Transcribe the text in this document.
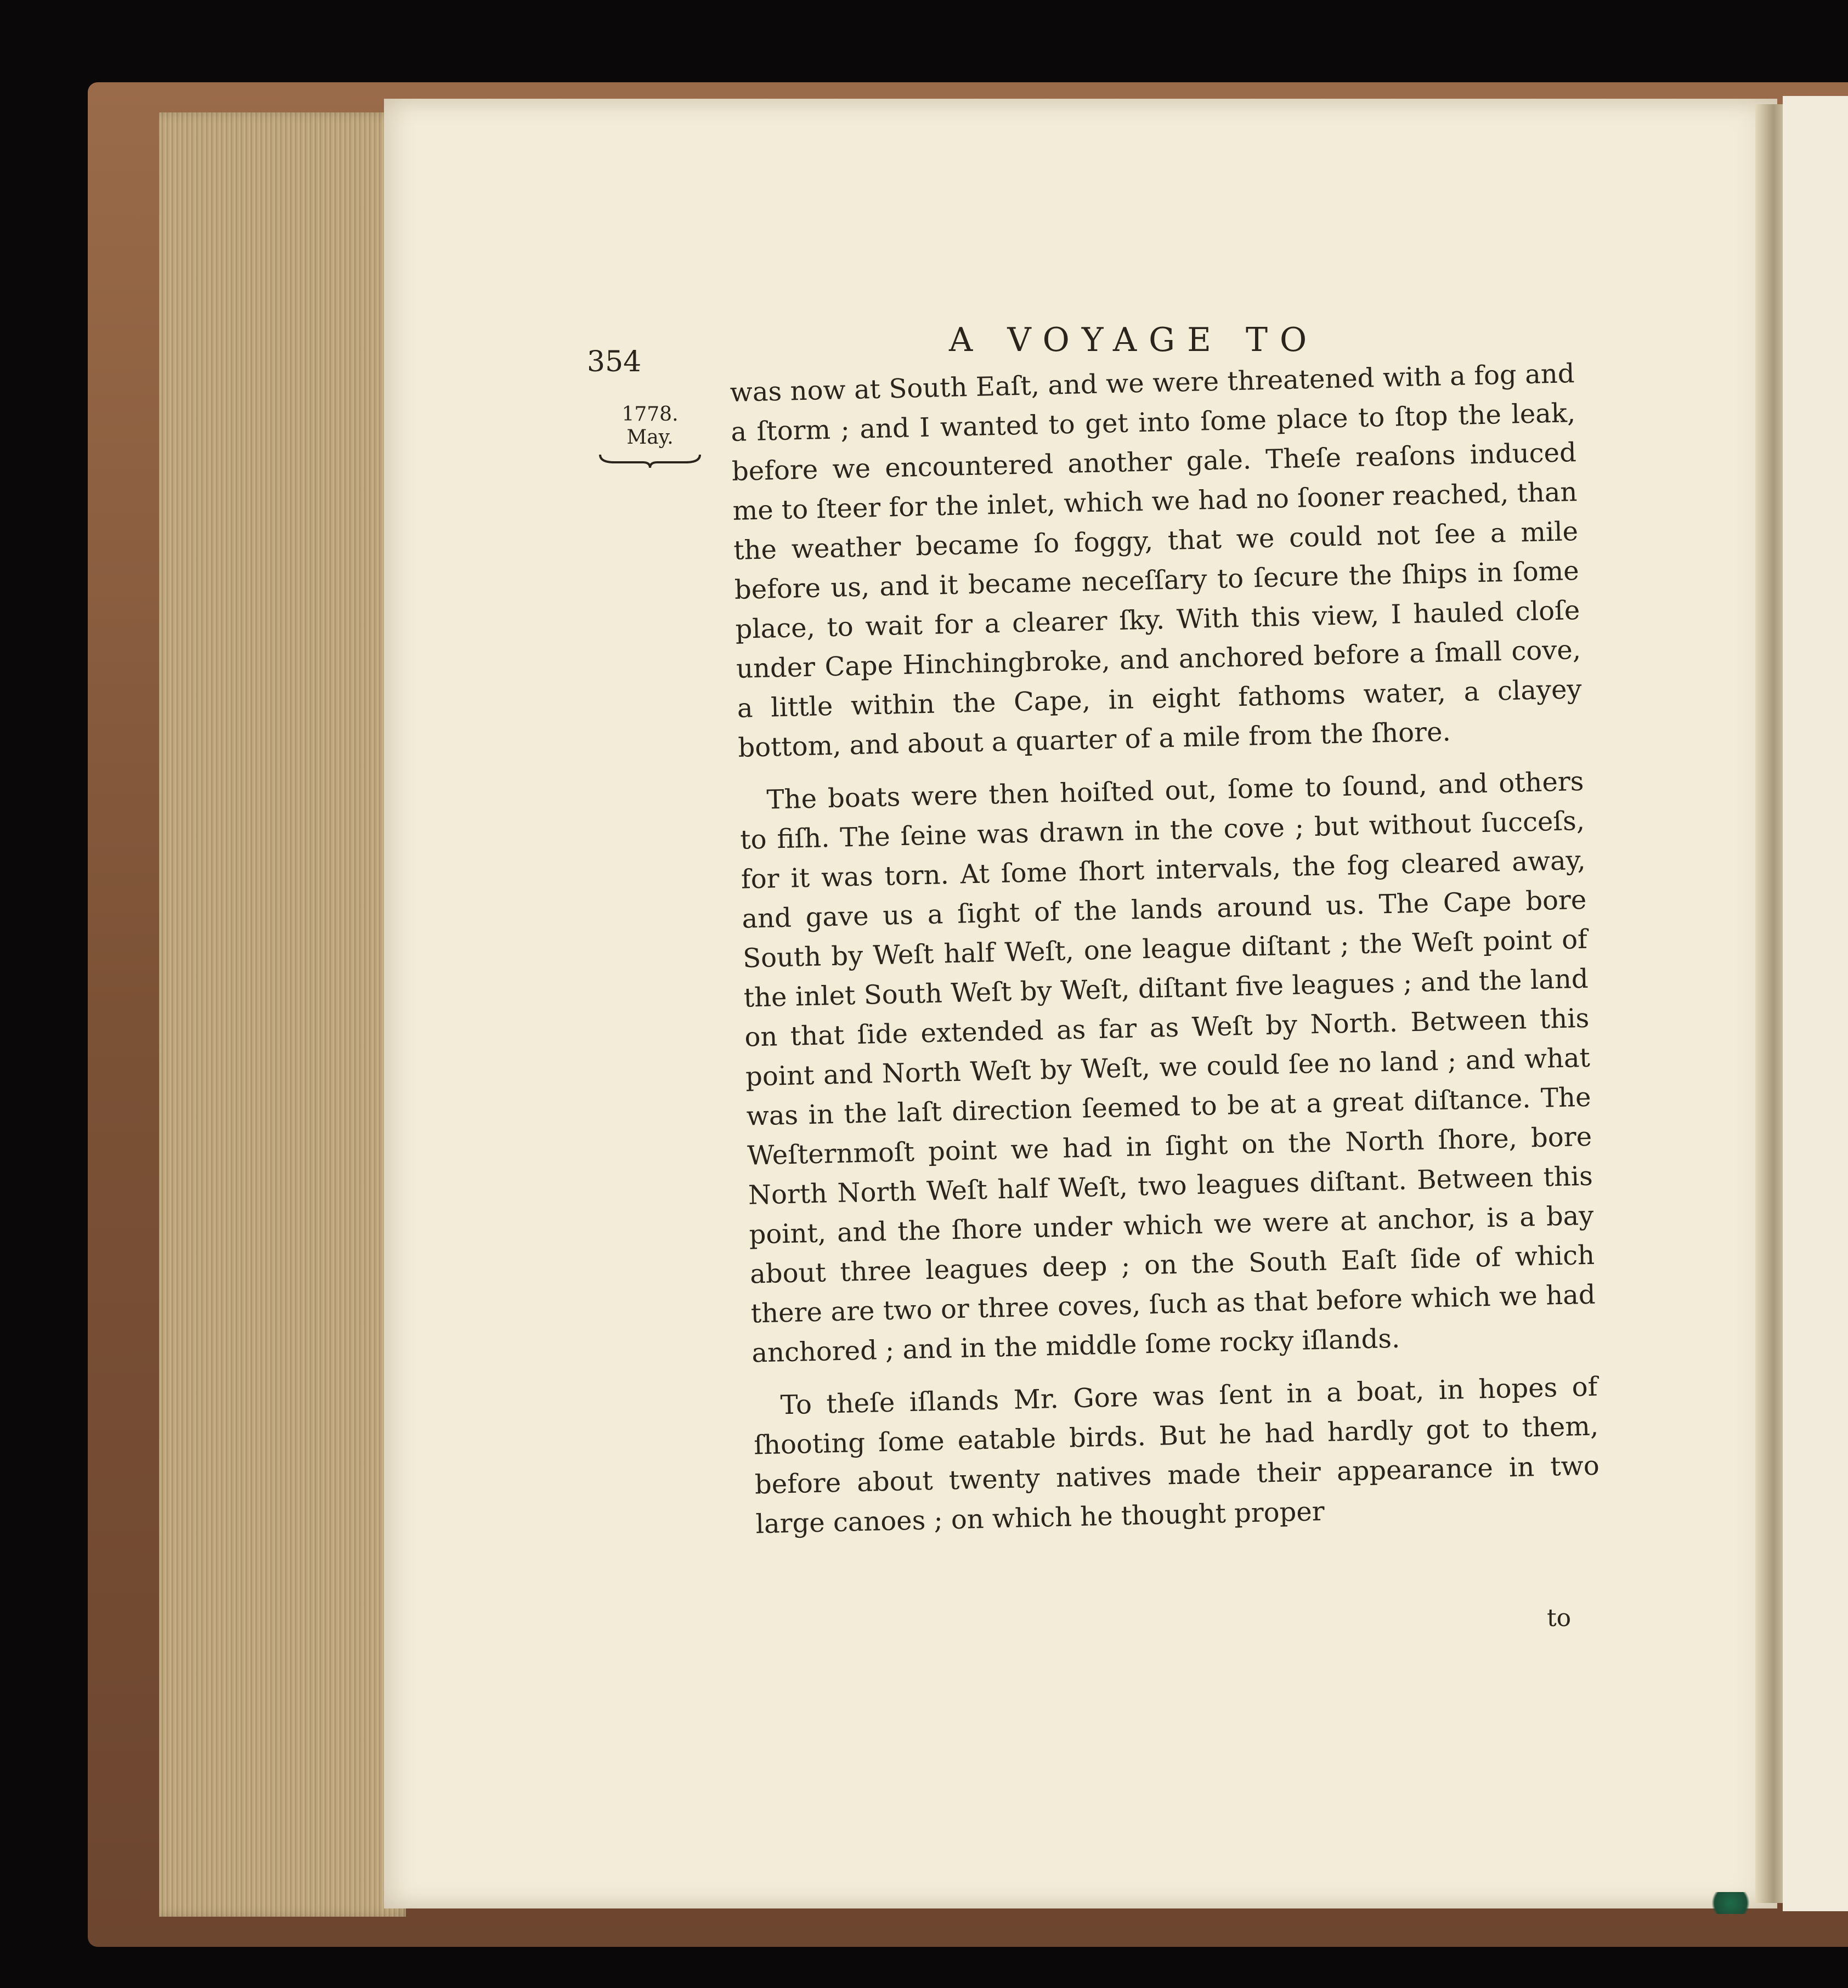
354
A VOYAGE TO
1778.
May.

was now at South Eaſt, and we were threatened with a fog and a ſtorm ; and I wanted to get into ſome place to ſtop the leak, before we encountered another gale. Theſe reaſons induced me to ſteer for the inlet, which we had no ſooner reached, than the weather became ſo foggy, that we could not ſee a mile before us, and it became neceſſary to ſecure the ſhips in ſome place, to wait for a clearer ſky. With this view, I hauled cloſe under Cape Hinchingbroke, and anchored before a ſmall cove, a little within the Cape, in eight fathoms water, a clayey bottom, and about a quarter of a mile from the ſhore.

The boats were then hoiſted out, ſome to ſound, and others to fiſh. The ſeine was drawn in the cove ; but without ſucceſs, for it was torn. At ſome ſhort intervals, the fog cleared away, and gave us a ſight of the lands around us. The Cape bore South by Weſt half Weſt, one league diſtant ; the Weſt point of the inlet South Weſt by Weſt, diſtant five leagues ; and the land on that ſide extended as far as Weſt by North. Between this point and North Weſt by Weſt, we could ſee no land ; and what was in the laſt direction ſeemed to be at a great diſtance. The Weſternmoſt point we had in ſight on the North ſhore, bore North North Weſt half Weſt, two leagues diſtant. Between this point, and the ſhore under which we were at anchor, is a bay about three leagues deep ; on the South Eaſt ſide of which there are two or three coves, ſuch as that before which we had anchored ; and in the middle ſome rocky iſlands.

To theſe iſlands Mr. Gore was ſent in a boat, in hopes of ſhooting ſome eatable birds. But he had hardly got to them, before about twenty natives made their appearance in two large canoes ; on which he thought proper

to
